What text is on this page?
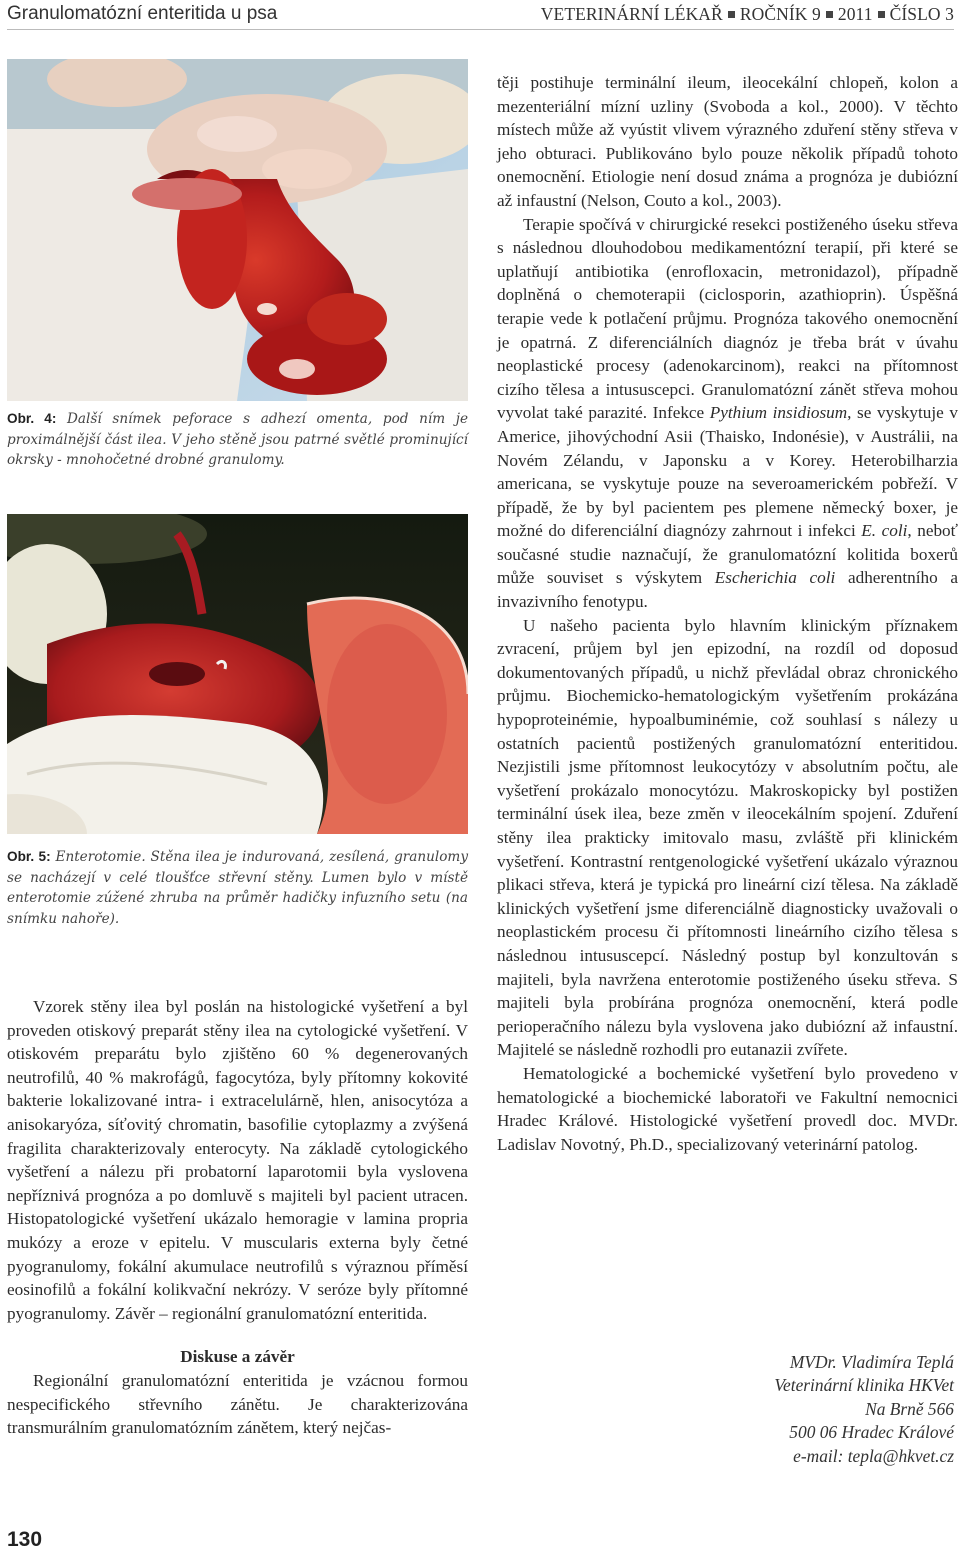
Granulomatózní enteritida u psa	VETERINÁRNÍ LÉKAŘ ROČNÍK 9 2011 ČÍSLO 3
Obr. 4: Další snímek peforace s adhezí omenta, pod ním je proximálnější část ilea. V jeho stěně jsou patrné světlé prominující okrsky - mnohočetné drobné granulomy.
Obr. 5: Enterotomie. Stěna ilea je indurovaná, zesílená, granulomy se nacházejí v celé tloušťce střevní stěny. Lumen bylo v místě enterotomie zúžené zhruba na průměr hadičky infuzního setu (na snímku nahoře).

Vzorek stěny ilea byl poslán na histologické vyšetření a byl proveden otiskový preparát stěny ilea na cytologické vyšetření. V otiskovém preparátu bylo zjištěno 60 % degenerovaných neutrofilů, 40 % makrofágů, fagocytóza, byly přítomny kokovité bakterie lokalizované intra- i extracelulárně, hlen, anisocytóza a anisokaryóza, síťovitý chromatin, basofilie cytoplazmy a zvýšená fragilita charakterizovaly enterocyty. Na základě cytologického vyšetření a nálezu při probatorní laparotomii byla vyslovena nepříznivá prognóza a po domluvě s majiteli byl pacient utracen. Histopatologické vyšetření ukázalo hemoragie v lamina propria mukózy a eroze v epitelu. V muscularis externa byly četné pyogranulomy, fokální akumulace neutrofilů s výraznou příměsí eosinofilů a fokální kolikvační nekrózy. V seróze byly přítomné pyogranulomy. Závěr – regionální granulomatózní enteritida.

Diskuse a závěr

Regionální granulomatózní enteritida je vzácnou formou nespecifického střevního zánětu. Je charakterizována transmurálním granulomatózním zánětem, který nejčas-

těji postihuje terminální ileum, ileocekální chlopeň, kolon a mezenteriální mízní uzliny (Svoboda a kol., 2000). V těchto místech může až vyústit vlivem výrazného zduření stěny střeva v jeho obturaci. Publikováno bylo pouze několik případů tohoto onemocnění. Etiologie není dosud známa a prognóza je dubiózní až infaustní (Nelson, Couto a kol., 2003).

Terapie spočívá v chirurgické resekci postiženého úseku střeva s následnou dlouhodobou medikamentózní terapií, při které se uplatňují antibiotika (enrofloxacin, metronidazol), případně doplněná o chemoterapii (ciclosporin, azathioprin). Úspěšná terapie vede k potlačení průjmu. Prognóza takového onemocnění je opatrná. Z diferenciálních diagnóz je třeba brát v úvahu neoplastické procesy (adenokarcinom), reakci na přítomnost cizího tělesa a intususcepci. Granulomatózní zánět střeva mohou vyvolat také parazité. Infekce Pythium insidiosum, se vyskytuje v Americe, jihovýchodní Asii (Thaisko, Indonésie), v Austrálii, na Novém Zélandu, v Japonsku a v Korey. Heterobilharzia americana, se vyskytuje pouze na severoamerickém pobřeží. V případě, že by byl pacientem pes plemene německý boxer, je možné do diferenciální diagnózy zahrnout i infekci E. coli, neboť současné studie naznačují, že granulomatózní kolitida boxerů může souviset s výskytem Escherichia coli adherentního a invazivního fenotypu.

U našeho pacienta bylo hlavním klinickým příznakem zvracení, průjem byl jen epizodní, na rozdíl od doposud dokumentovaných případů, u nichž převládal obraz chronického průjmu. Biochemicko-hematologickým vyšetřením prokázána hypoproteinémie, hypoalbuminémie, což souhlasí s nálezy u ostatních pacientů postižených granulomatózní enteritidou. Nezjistili jsme přítomnost leukocytózy v absolutním počtu, ale vyšetření prokázalo monocytózu. Makroskopicky byl postižen terminální úsek ilea, beze změn v ileocekálním spojení. Zduření stěny ilea prakticky imitovalo masu, zvláště při klinickém vyšetření. Kontrastní rentgenologické vyšetření ukázalo výraznou plikaci střeva, která je typická pro lineární cizí tělesa. Na základě klinických vyšetření jsme diferenciálně diagnosticky uvažovali o neoplastickém procesu či přítomnosti lineárního cizího tělesa s následnou intususcepcí. Následný postup byl konzultován s majiteli, byla navržena enterotomie postiženého úseku střeva. S majiteli byla probírána prognóza onemocnění, která podle perioperačního nálezu byla vyslovena jako dubiózní až infaustní. Majitelé se následně rozhodli pro eutanazii zvířete.

Hematologické a bochemické vyšetření bylo provedeno v hematologické a biochemické laboratoři ve Fakultní nemocnici Hradec Králové. Histologické vyšetření provedl doc. MVDr. Ladislav Novotný, Ph.D., specializovaný veterinární patolog.

MVDr. Vladimíra Teplá
Veterinární klinika HKVet
Na Brně 566
500 06 Hradec Králové
e-mail: tepla@hkvet.cz
130
